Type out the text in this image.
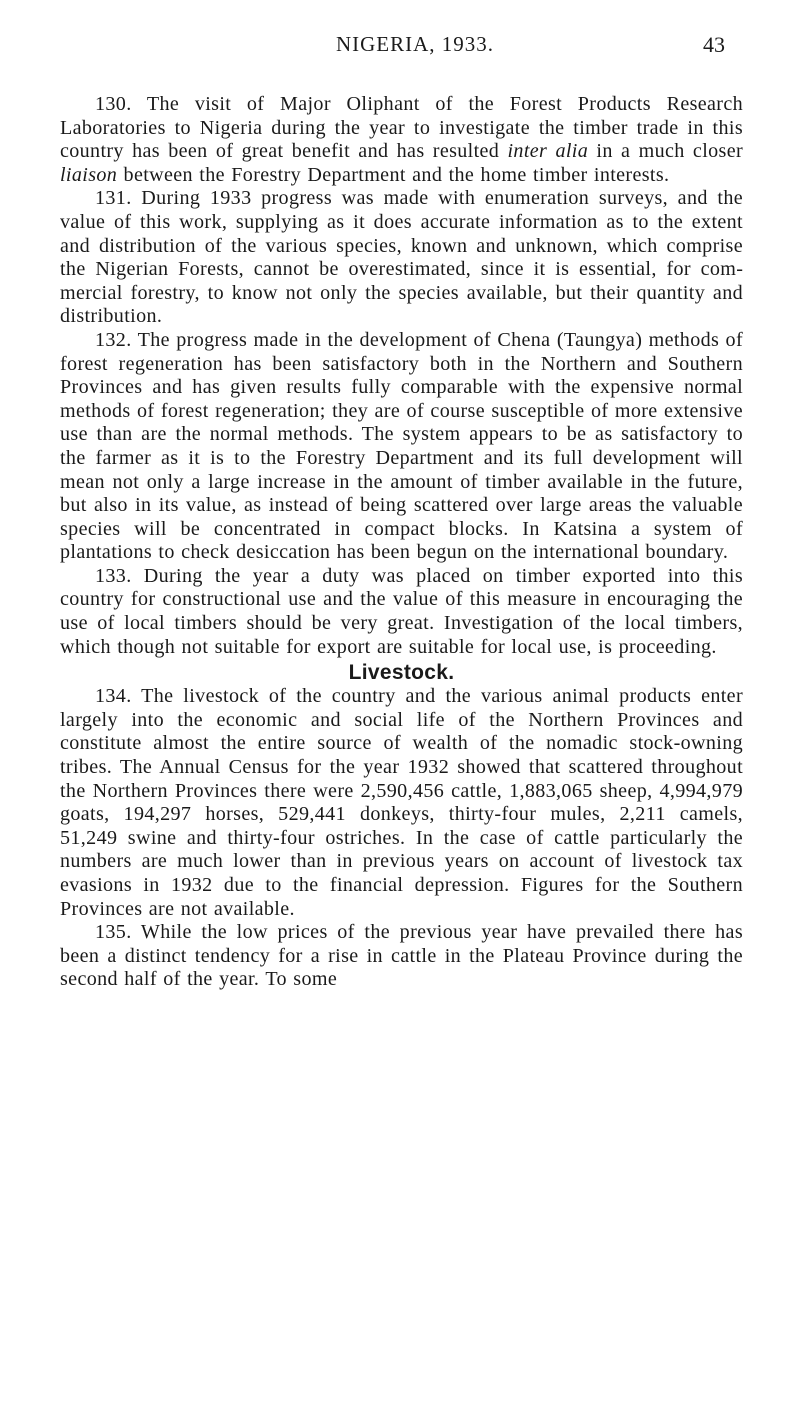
NIGERIA, 1933.	43

130. The visit of Major Oliphant of the Forest Products Research Laboratories to Nigeria during the year to investigate the timber trade in this country has been of great benefit and has resulted inter alia in a much closer liaison between the Forestry Department and the home timber interests.

131. During 1933 progress was made with enumeration surveys, and the value of this work, supplying as it does accurate information as to the extent and distribution of the various species, known and unknown, which comprise the Nigerian Forests, cannot be overestimated, since it is essential, for commercial forestry, to know not only the species available, but their quantity and distribution.

132. The progress made in the development of Chena (Taungya) methods of forest regeneration has been satisfactory both in the Northern and Southern Provinces and has given results fully comparable with the expensive normal methods of forest regeneration; they are of course susceptible of more extensive use than are the normal methods. The system appears to be as satisfactory to the farmer as it is to the Forestry Department and its full development will mean not only a large increase in the amount of timber available in the future, but also in its value, as instead of being scattered over large areas the valuable species will be concentrated in compact blocks. In Katsina a system of plantations to check desiccation has been begun on the international boundary.

133. During the year a duty was placed on timber exported into this country for constructional use and the value of this measure in encouraging the use of local timbers should be very great. Investigation of the local timbers, which though not suitable for export are suitable for local use, is proceeding.

Livestock.

134. The livestock of the country and the various animal products enter largely into the economic and social life of the Northern Provinces and constitute almost the entire source of wealth of the nomadic stock-owning tribes. The Annual Census for the year 1932 showed that scattered throughout the Northern Provinces there were 2,590,456 cattle, 1,883,065 sheep, 4,994,979 goats, 194,297 horses, 529,441 donkeys, thirty-four mules, 2,211 camels, 51,249 swine and thirty-four ostriches. In the case of cattle particularly the numbers are much lower than in previous years on account of livestock tax evasions in 1932 due to the financial depression. Figures for the Southern Provinces are not available.

135. While the low prices of the previous year have prevailed there has been a distinct tendency for a rise in cattle in the Plateau Province during the second half of the year. To some
